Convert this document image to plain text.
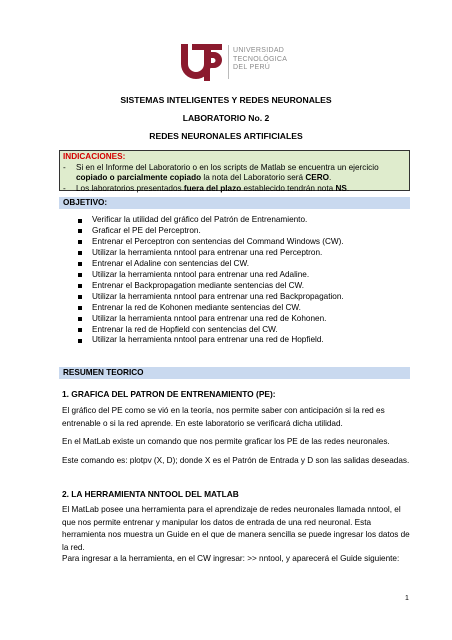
UNIVERSIDAD
TECNOLÓGICA
DEL PERÚ
SISTEMAS INTELIGENTES Y REDES NEURONALES
LABORATORIO No. 2
REDES NEURONALES ARTIFICIALES
INDICACIONES:
- Si en el Informe del Laboratorio o en los scripts de Matlab se encuentra un ejercicio
copiado o parcialmente copiado la nota del Laboratorio será CERO.
- Los laboratorios presentados fuera del plazo establecido tendrán nota NS.
OBJETIVO:
Verificar la utilidad del gráfico del Patrón de Entrenamiento.
Graficar el PE del Perceptron.
Entrenar el Perceptron con sentencias del Command Windows (CW).
Utilizar la herramienta nntool para entrenar una red Perceptron.
Entrenar el Adaline con sentencias del CW.
Utilizar la herramienta nntool para entrenar una red Adaline.
Entrenar el Backpropagation mediante sentencias del CW.
Utilizar la herramienta nntool para entrenar una red Backpropagation.
Entrenar la red de Kohonen mediante sentencias del CW.
Utilizar la herramienta nntool para entrenar una red de Kohonen.
Entrenar la red de Hopfield con sentencias del CW.
Utilizar la herramienta nntool para entrenar una red de Hopfield.
RESUMEN TEORICO
1. GRAFICA DEL PATRON DE ENTRENAMIENTO (PE):
El gráfico del PE como se vió en la teoría, nos permite saber con anticipación si la red es entrenable o si la red aprende. En este laboratorio se verificará dicha utilidad.
En el MatLab existe un comando que nos permite graficar los PE de las redes neuronales.
Este comando es: plotpv (X, D); donde X es el Patrón de Entrada y D son las salidas deseadas.
2. LA HERRAMIENTA NNTOOL DEL MATLAB
El MatLab posee una herramienta para el aprendizaje de redes neuronales llamada nntool, el que nos permite entrenar y manipular los datos de entrada de una red neuronal. Esta herramienta nos muestra un Guide en el que de manera sencilla se puede ingresar los datos de la red.
Para ingresar a la herramienta, en el CW ingresar: >> nntool, y aparecerá el Guide siguiente:
1
